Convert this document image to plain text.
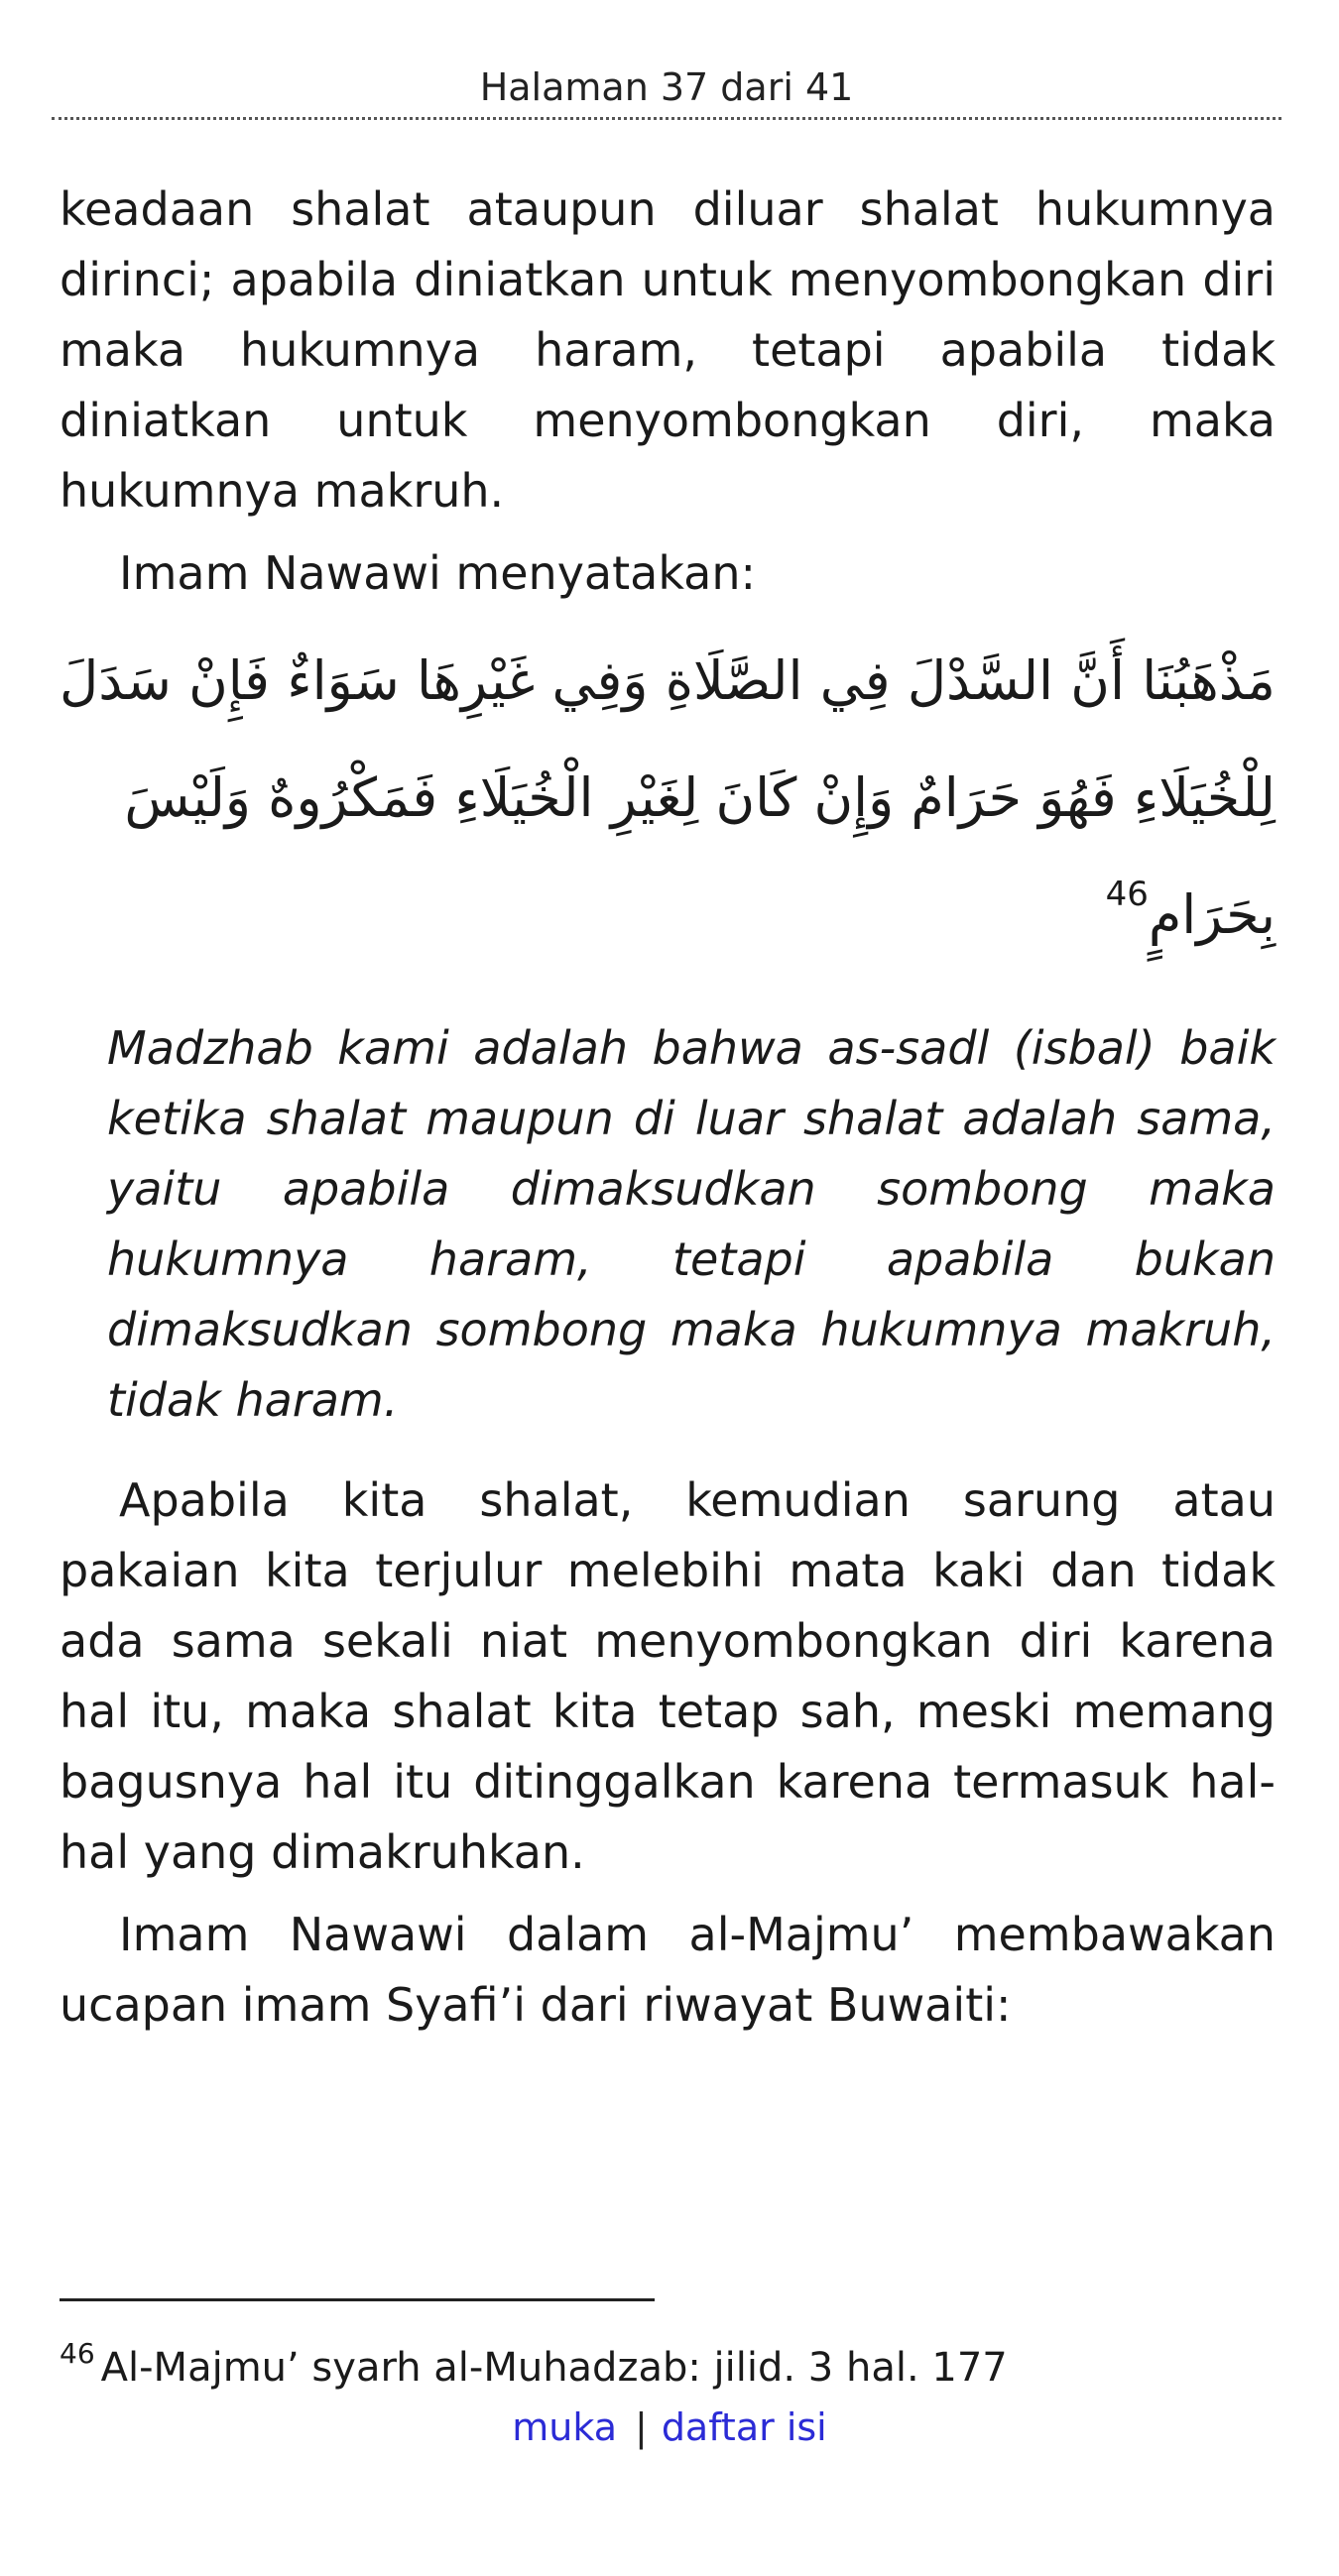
Halaman 37 dari 41

keadaan shalat ataupun diluar shalat hukumnya dirinci; apabila diniatkan untuk menyombongkan diri maka hukumnya haram, tetapi apabila tidak diniatkan untuk menyombongkan diri, maka hukumnya makruh.

Imam Nawawi menyatakan:

مَذْهَبُنَا أَنَّ السَّدْلَ فِي الصَّلَاةِ وَفِي غَيْرِهَا سَوَاءٌ فَإِنْ سَدَلَ لِلْخُيَلَاءِ فَهُوَ حَرَامٌ وَإِنْ كَانَ لِغَيْرِ الْخُيَلَاءِ فَمَكْرُوهٌ وَلَيْسَ
بِحَرَامٍ$^{46}$

Madzhab kami adalah bahwa as-sadl (isbal) baik ketika shalat maupun di luar shalat adalah sama, yaitu apabila dimaksudkan sombong maka hukumnya haram, tetapi apabila bukan dimaksudkan sombong maka hukumnya makruh, tidak haram.

Apabila kita shalat, kemudian sarung atau pakaian kita terjulur melebihi mata kaki dan tidak ada sama sekali niat menyombongkan diri karena hal itu, maka shalat kita tetap sah, meski memang bagusnya hal itu ditinggalkan karena termasuk hal-hal yang dimakruhkan.

Imam Nawawi dalam al-Majmu’ membawakan ucapan imam Syafi’i dari riwayat Buwaiti:

$^{46}$ Al-Majmu’ syarh al-Muhadzab: jilid. 3 hal. 177
muka | daftar isi
